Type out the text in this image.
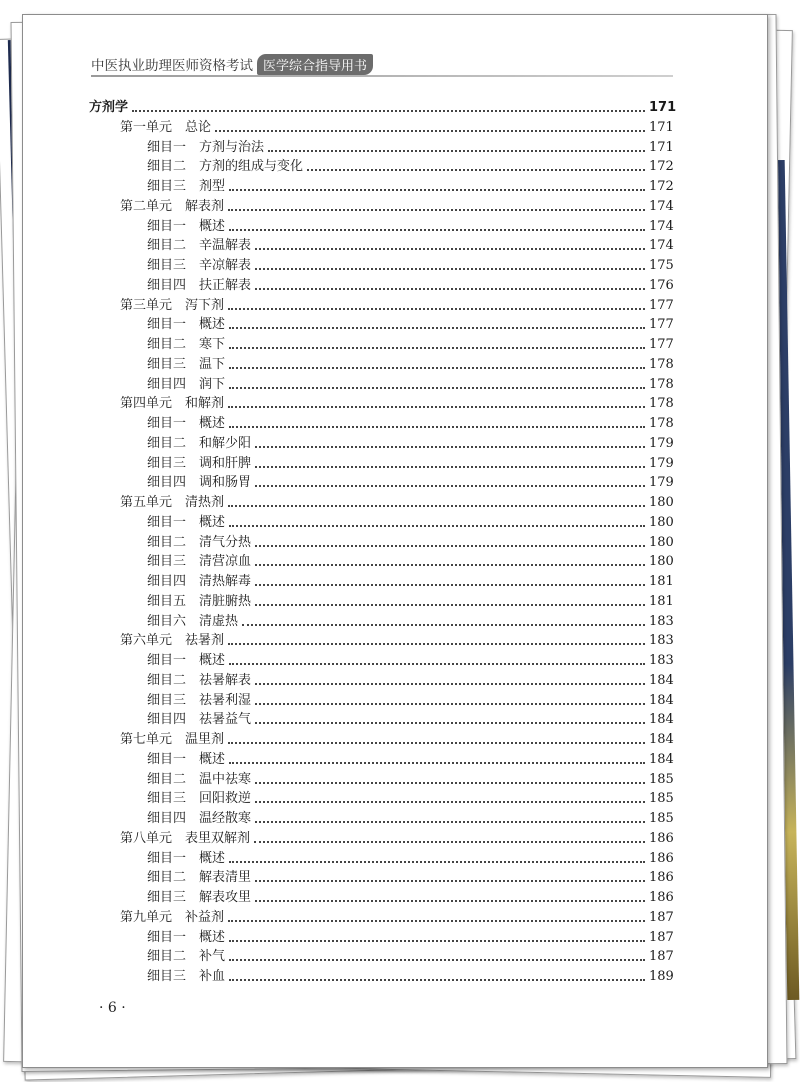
中医执业助理医师资格考试 医学综合指导用书
方剂学	171
第一单元　总论	171
细目一　方剂与治法	171
细目二　方剂的组成与变化	172
细目三　剂型	172
第二单元　解表剂	174
细目一　概述	174
细目二　辛温解表	174
细目三　辛凉解表	175
细目四　扶正解表	176
第三单元　泻下剂	177
细目一　概述	177
细目二　寒下	177
细目三　温下	178
细目四　润下	178
第四单元　和解剂	178
细目一　概述	178
细目二　和解少阳	179
细目三　调和肝脾	179
细目四　调和肠胃	179
第五单元　清热剂	180
细目一　概述	180
细目二　清气分热	180
细目三　清营凉血	180
细目四　清热解毒	181
细目五　清脏腑热	181
细目六　清虚热	183
第六单元　祛暑剂	183
细目一　概述	183
细目二　祛暑解表	184
细目三　祛暑利湿	184
细目四　祛暑益气	184
第七单元　温里剂	184
细目一　概述	184
细目二　温中祛寒	185
细目三　回阳救逆	185
细目四　温经散寒	185
第八单元　表里双解剂	186
细目一　概述	186
细目二　解表清里	186
细目三　解表攻里	186
第九单元　补益剂	187
细目一　概述	187
细目二　补气	187
细目三　补血	189
· 6 ·
